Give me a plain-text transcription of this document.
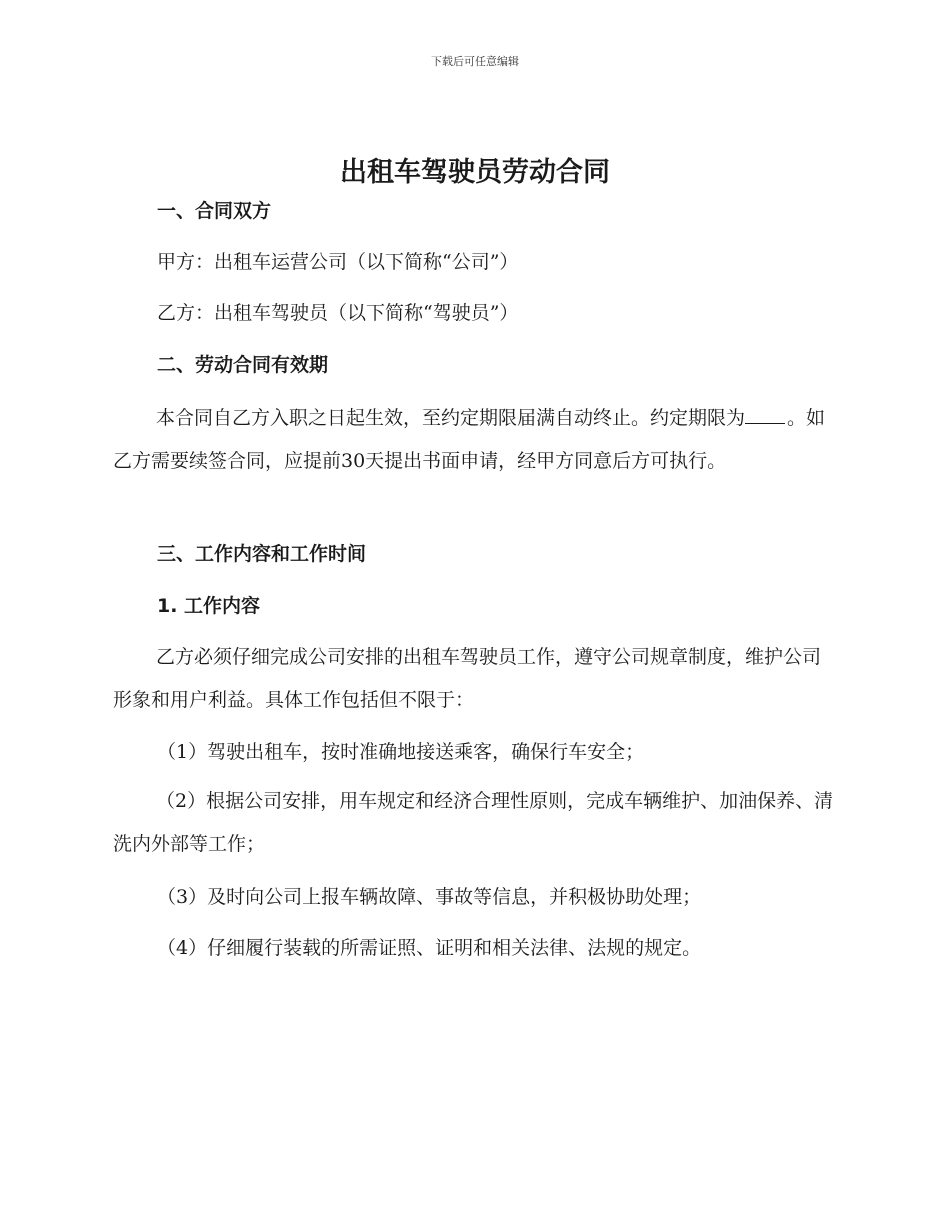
下载后可任意编辑
出租车驾驶员劳动合同
一、合同双方
甲方：出租车运营公司（以下简称“公司”）
乙方：出租车驾驶员（以下简称“驾驶员”）
二、劳动合同有效期
本合同自乙方入职之日起生效，至约定期限届满自动终止。约定期限为 。如乙方需要续签合同，应提前30天提出书面申请，经甲方同意后方可执行。
三、工作内容和工作时间
1. 工作内容
乙方必须仔细完成公司安排的出租车驾驶员工作，遵守公司规章制度，维护公司形象和用户利益。具体工作包括但不限于：
（1）驾驶出租车，按时准确地接送乘客，确保行车安全；
（2）根据公司安排，用车规定和经济合理性原则，完成车辆维护、加油保养、清洗内外部等工作；
（3）及时向公司上报车辆故障、事故等信息，并积极协助处理；
（4）仔细履行装载的所需证照、证明和相关法律、法规的规定。
